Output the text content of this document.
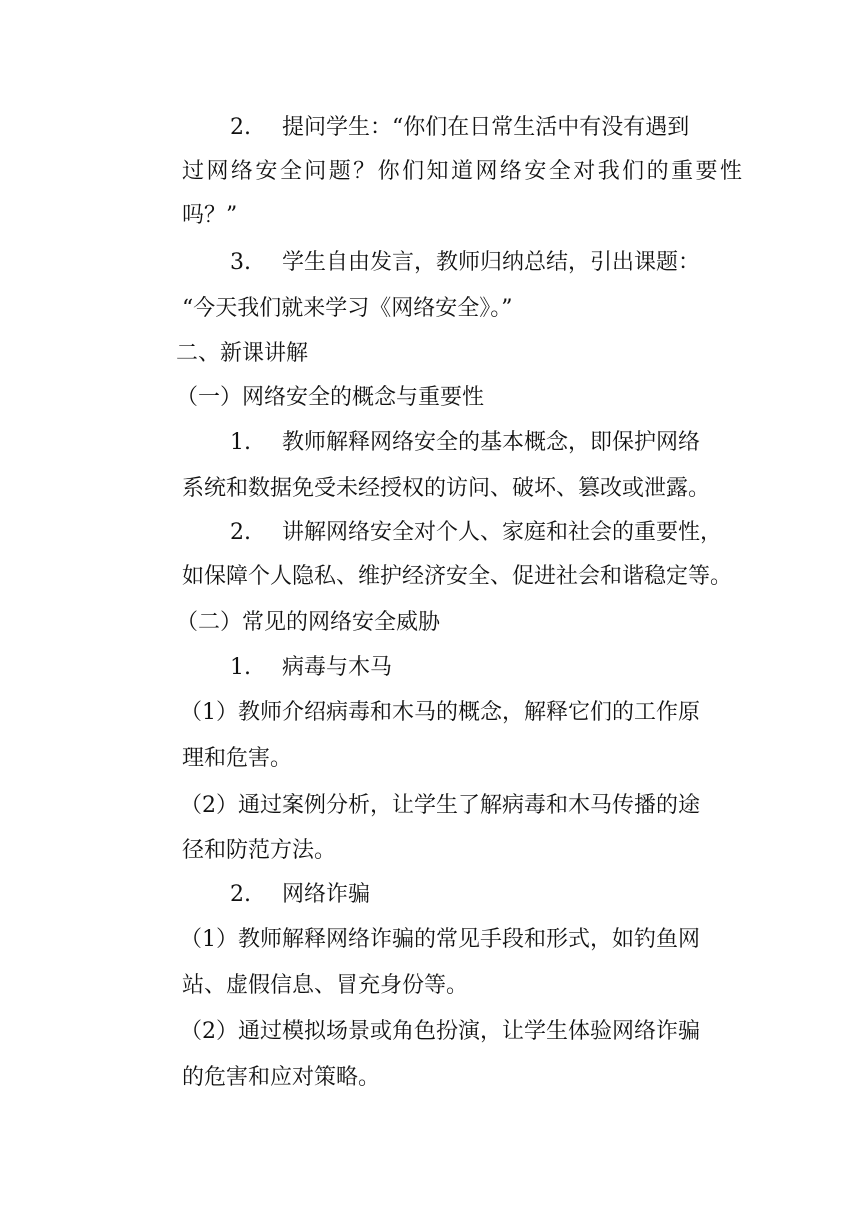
2. 提问学生：“你们在日常生活中有没有遇到
过网络安全问题？你们知道网络安全对我们的重要性
吗？”
3. 学生自由发言，教师归纳总结，引出课题：
“今天我们就来学习《网络安全》。”
二、新课讲解
（一）网络安全的概念与重要性
1. 教师解释网络安全的基本概念，即保护网络
系统和数据免受未经授权的访问、破坏、篡改或泄露。
2. 讲解网络安全对个人、家庭和社会的重要性，
如保障个人隐私、维护经济安全、促进社会和谐稳定等。
（二）常见的网络安全威胁
1. 病毒与木马
（1）教师介绍病毒和木马的概念，解释它们的工作原
理和危害。
（2）通过案例分析，让学生了解病毒和木马传播的途
径和防范方法。
2. 网络诈骗
（1）教师解释网络诈骗的常见手段和形式，如钓鱼网
站、虚假信息、冒充身份等。
（2）通过模拟场景或角色扮演，让学生体验网络诈骗
的危害和应对策略。
